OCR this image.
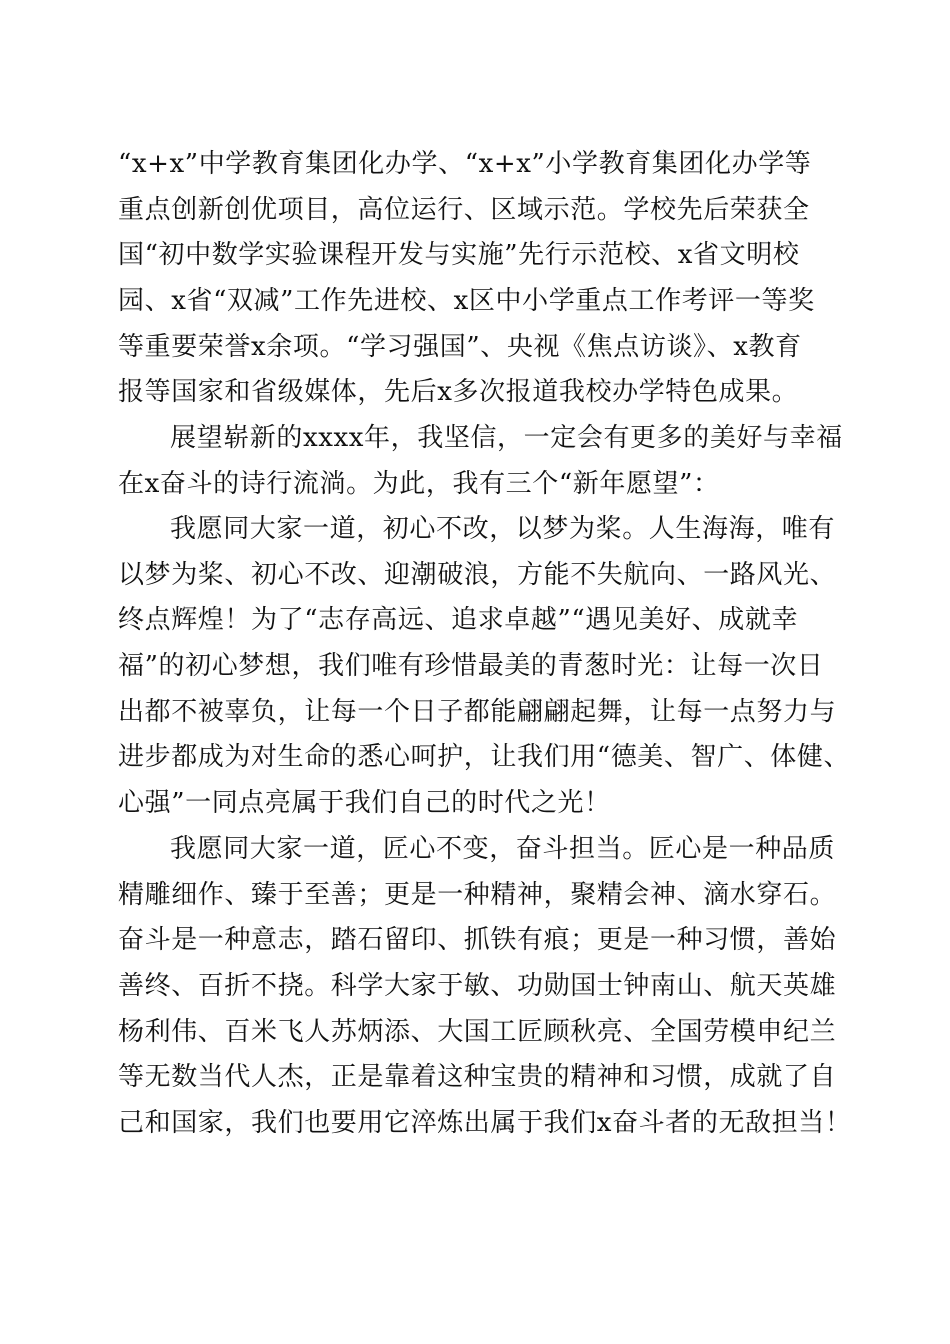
“x+x”中学教育集团化办学、“x+x”小学教育集团化办学等
重点创新创优项目，高位运行、区域示范。学校先后荣获全
国“初中数学实验课程开发与实施”先行示范校、x省文明校
园、x省“双减”工作先进校、x区中小学重点工作考评一等奖
等重要荣誉x余项。“学习强国”、央视《焦点访谈》、x教育
报等国家和省级媒体，先后x多次报道我校办学特色成果。
展望崭新的xxxx年，我坚信，一定会有更多的美好与幸福
在x奋斗的诗行流淌。为此，我有三个“新年愿望”：
我愿同大家一道，初心不改，以梦为桨。人生海海，唯有
以梦为桨、初心不改、迎潮破浪，方能不失航向、一路风光、
终点辉煌！为了“志存高远、追求卓越”“遇见美好、成就幸
福”的初心梦想，我们唯有珍惜最美的青葱时光：让每一次日
出都不被辜负，让每一个日子都能翩翩起舞，让每一点努力与
进步都成为对生命的悉心呵护，让我们用“德美、智广、体健、
心强”一同点亮属于我们自己的时代之光！
我愿同大家一道，匠心不变，奋斗担当。匠心是一种品质
精雕细作、臻于至善；更是一种精神，聚精会神、滴水穿石。
奋斗是一种意志，踏石留印、抓铁有痕；更是一种习惯，善始
善终、百折不挠。科学大家于敏、功勋国士钟南山、航天英雄
杨利伟、百米飞人苏炳添、大国工匠顾秋亮、全国劳模申纪兰
等无数当代人杰，正是靠着这种宝贵的精神和习惯，成就了自
己和国家，我们也要用它淬炼出属于我们x奋斗者的无敌担当！
